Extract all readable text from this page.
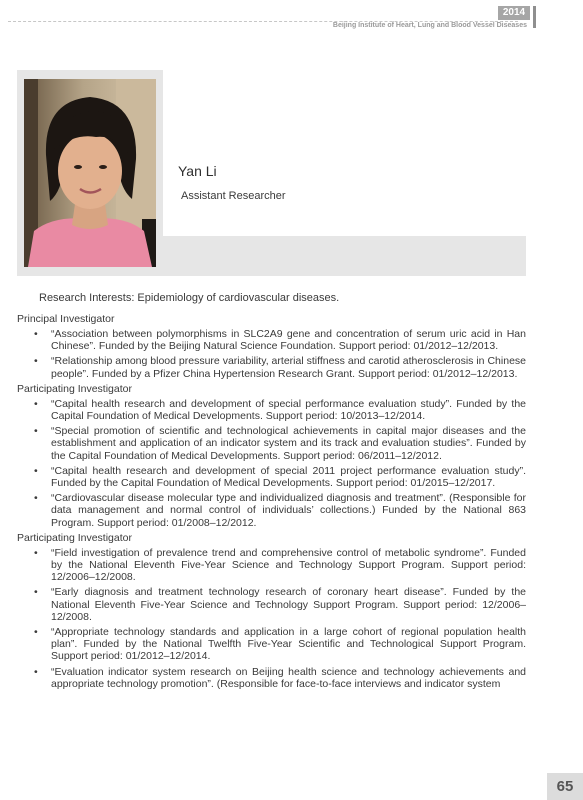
2014
Beijing Institute of Heart, Lung and Blood Vessel Diseases
Yan Li
Assistant Researcher
Research Interests: Epidemiology of cardiovascular diseases.
Principal Investigator
• “Association between polymorphisms in SLC2A9 gene and concentration of serum uric acid in Han Chinese”. Funded by the Beijing Natural Science Foundation. Support period: 01/2012–12/2013.
• “Relationship among blood pressure variability, arterial stiffness and carotid atherosclerosis in Chinese people”. Funded by a Pfizer China Hypertension Research Grant. Support period: 01/2012–12/2013.
Participating Investigator
• “Capital health research and development of special performance evaluation study”. Funded by the Capital Foundation of Medical Developments. Support period: 10/2013–12/2014.
• “Special promotion of scientific and technological achievements in capital major diseases and the establishment and application of an indicator system and its track and evaluation studies”. Funded by the Capital Foundation of Medical Developments. Support period: 06/2011–12/2012.
• “Capital health research and development of special 2011 project performance evaluation study”. Funded by the Capital Foundation of Medical Developments. Support period: 01/2015–12/2017.
• “Cardiovascular disease molecular type and individualized diagnosis and treatment”. (Responsible for data management and normal control of individuals’ collections.) Funded by the National 863 Program. Support period: 01/2008–12/2012.
Participating Investigator
• “Field investigation of prevalence trend and comprehensive control of metabolic syndrome”. Funded by the National Eleventh Five-Year Science and Technology Support Program. Support period: 12/2006–12/2008.
• “Early diagnosis and treatment technology research of coronary heart disease”. Funded by the National Eleventh Five-Year Science and Technology Support Program. Support period: 12/2006–12/2008.
• “Appropriate technology standards and application in a large cohort of regional population health plan”. Funded by the National Twelfth Five-Year Scientific and Technological Support Program. Support period: 01/2012–12/2014.
• “Evaluation indicator system research on Beijing health science and technology achievements and appropriate technology promotion”. (Responsible for face-to-face interviews and indicator system
65
